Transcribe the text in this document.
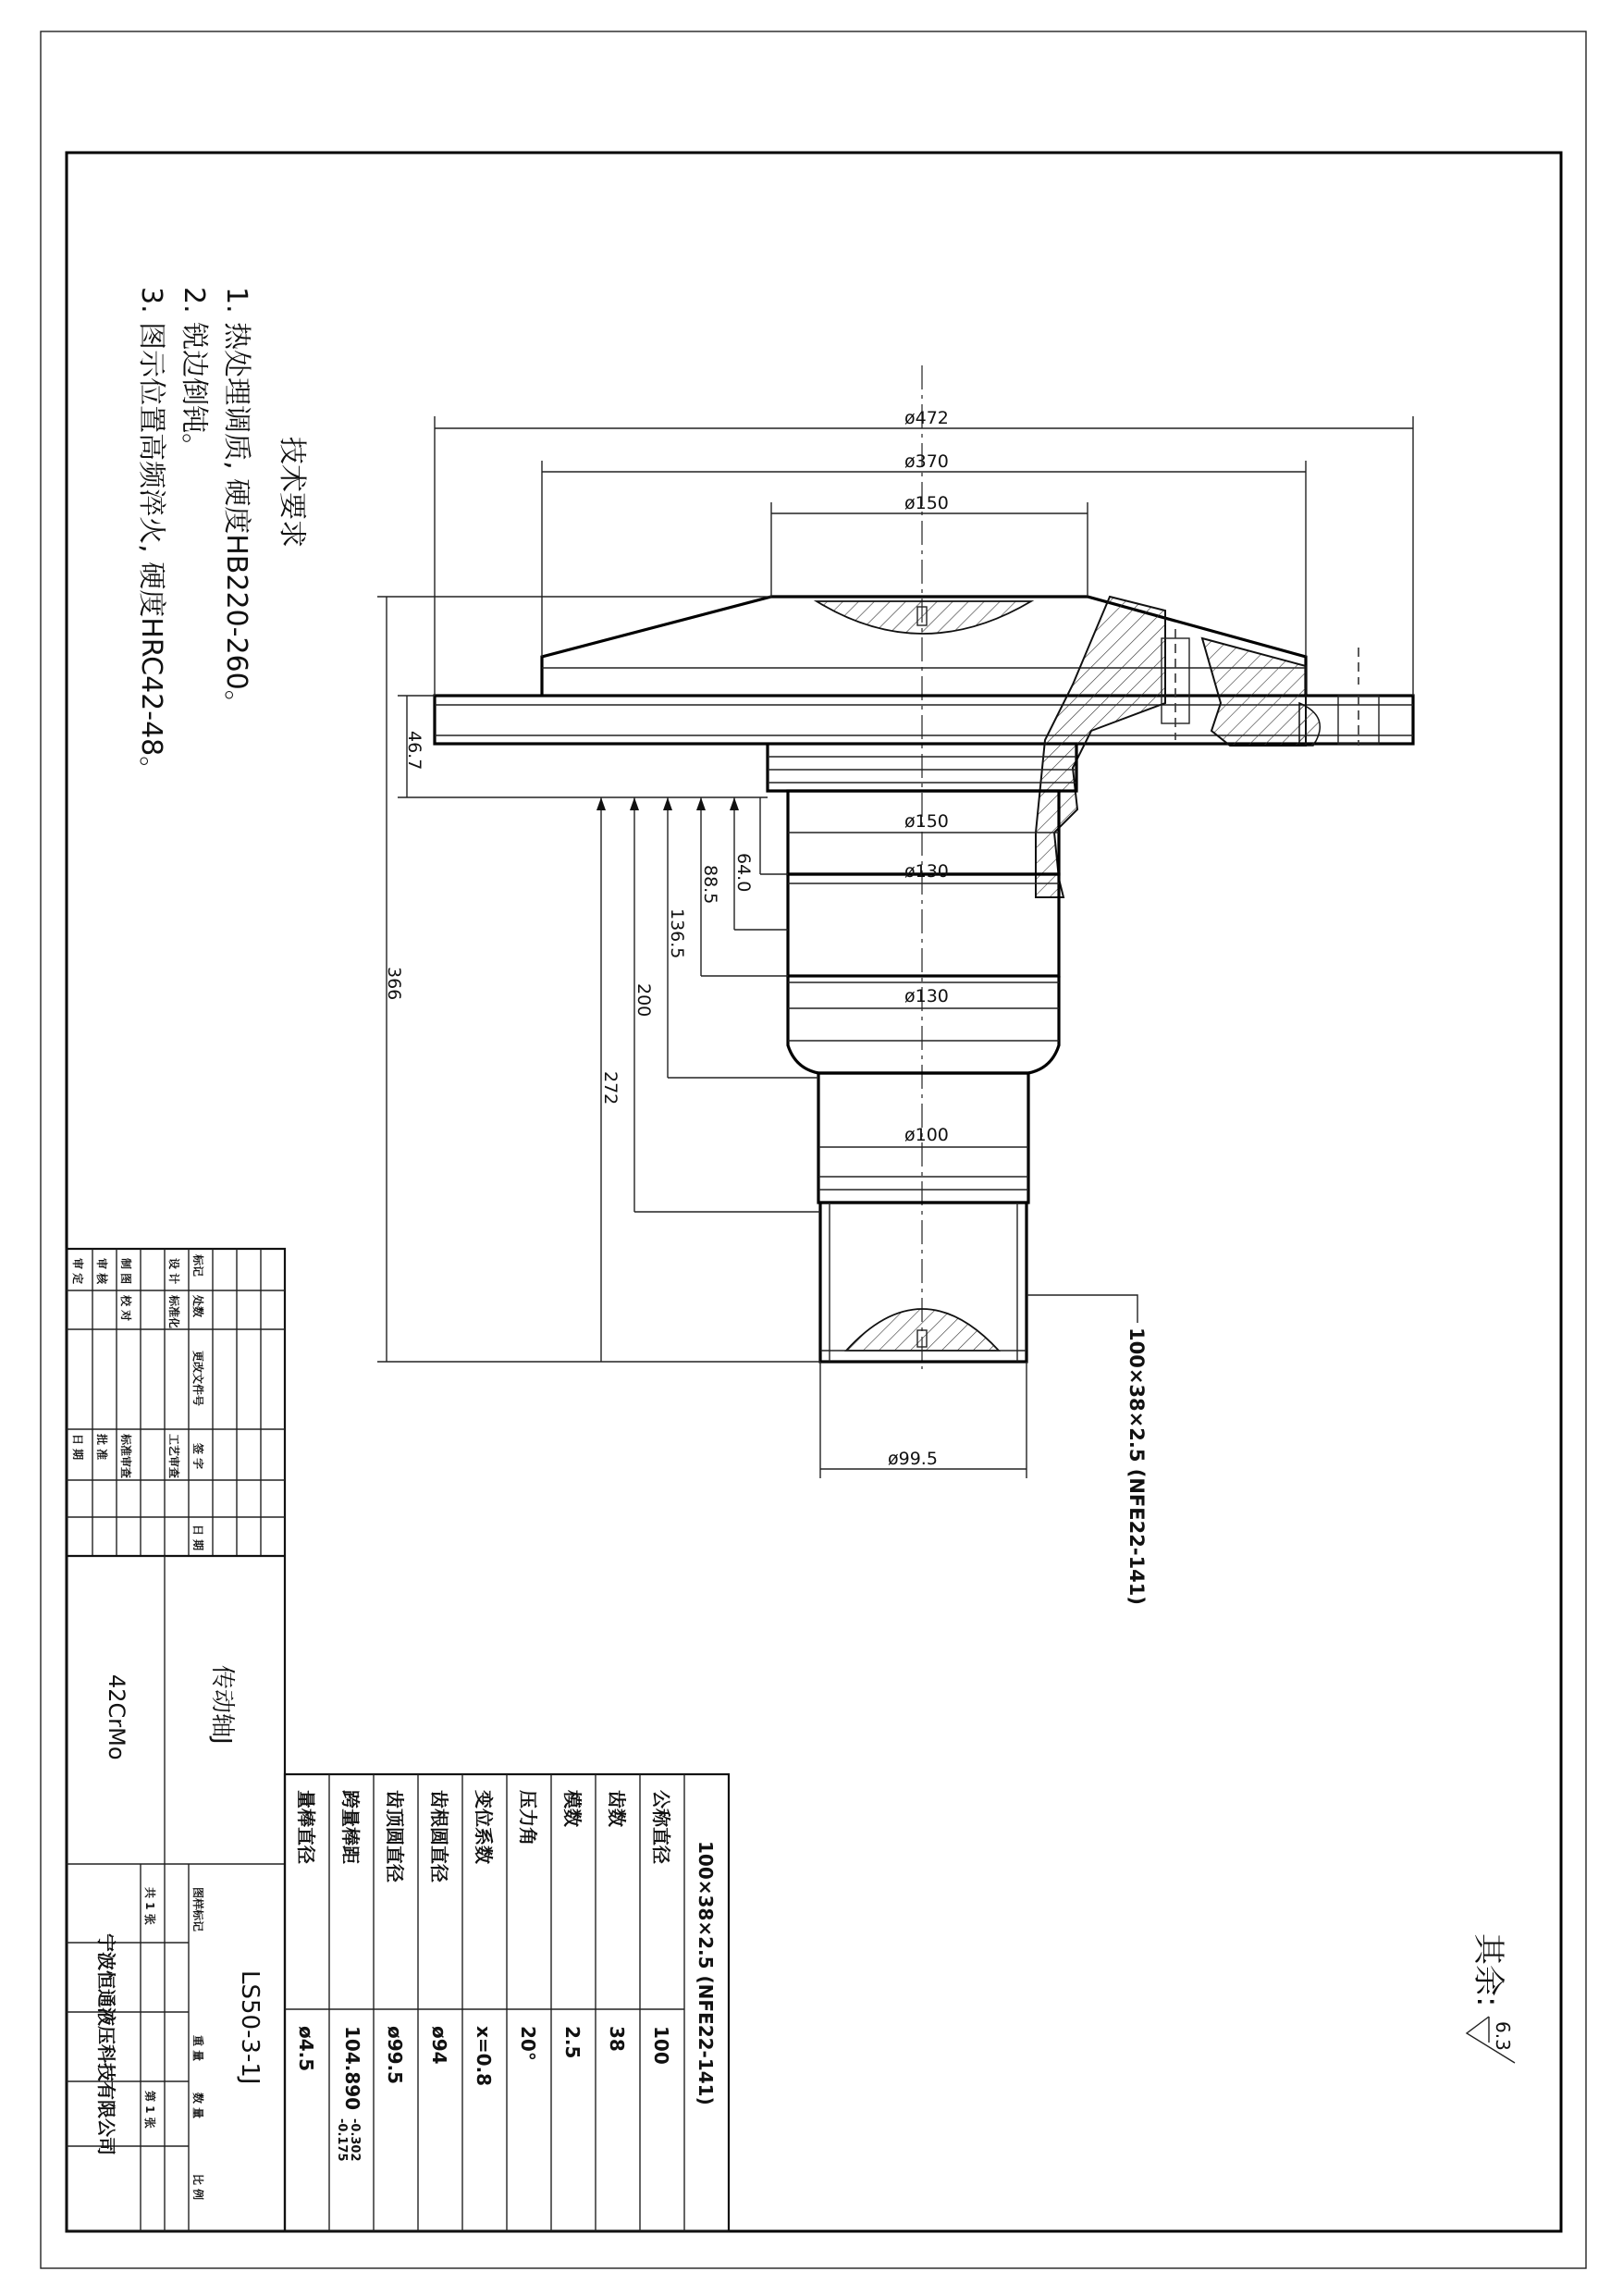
技术要求
1. 热处理调质, 硬度HB220-260。
2. 锐边倒钝。
3. 图示位置高频淬火, 硬度HRC42-48。	ø472
ø370
ø150
ø150
ø130
ø130
ø100
ø99.5
46.7
366
64.0
88.5
136.5
200
272
100×38×2.5 (NFE22-141)
其余:
6.3
标记
处数
更改文件号
签 字
日 期
设 计
制 图
审 核
审 定
标准化
校 对
工艺审查
标准审查
批 准
日 期
传动轴J
42CrMo
LS50-3-1J
图样标记
重 量
数 量
比 例
共 1 张
第 1 张
宁波恒通液压科技有限公司	100×38×2.5 (NFE22-141)
公称直径
100
齿数
38
模数
2.5
压力角
20°
变位系数
x=0.8
齿根圆直径
ø94
齿顶圆直径
ø99.5
跨量棒距
104.890
-0.175 -0.302
量棒直径
ø4.5
